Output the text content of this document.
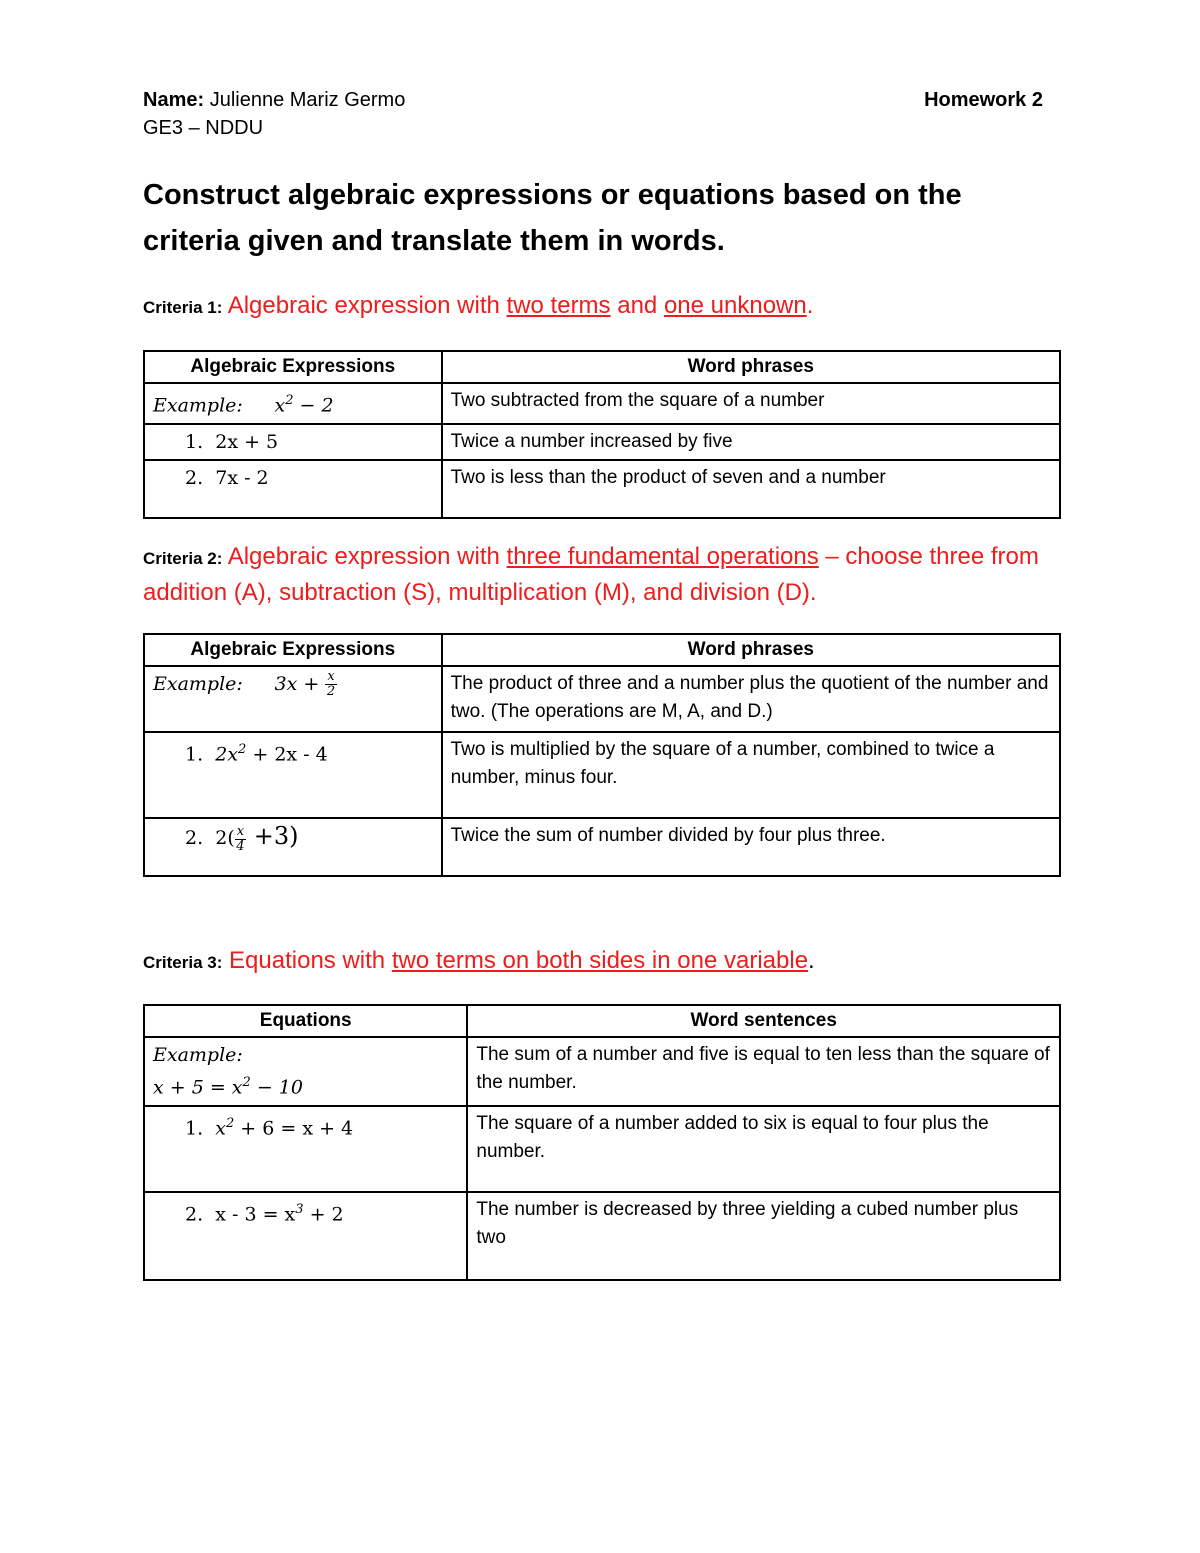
Name: Julienne Mariz Germo
GE3 – NDDU
Homework 2
Construct algebraic expressions or equations based on the criteria given and translate them in words.
Criteria 1: Algebraic expression with two terms and one unknown.
Algebraic Expressions	Word phrases
Example: $x^2 - 2$	Two subtracted from the square of a number
1. 2x + 5	Twice a number increased by five
2. 7x - 2	Two is less than the product of seven and a number
Criteria 2: Algebraic expression with three fundamental operations – choose three from addition (A), subtraction (S), multiplication (M), and division (D).
Algebraic Expressions	Word phrases
Example: $3x + \frac{x}{2}$	The product of three and a number plus the quotient of the number and two. (The operations are M, A, and D.)
1. $2x^2 + 2x - 4$	Two is multiplied by the square of a number, combined to twice a number, minus four.
2. $2( \frac{x}{4} +3)$	Twice the sum of number divided by four plus three.
Criteria 3: Equations with two terms on both sides in one variable.
Equations	Word sentences

Example:
$x + 5 = x^2 - 10$	The sum of a number and five is equal to ten less than the square of the number.
1. $x^2 + 6 = x + 4$	The square of a number added to six is equal to four plus the number.
2. $x - 3 = x^3 + 2$	The number is decreased by three yielding a cubed number plus two
